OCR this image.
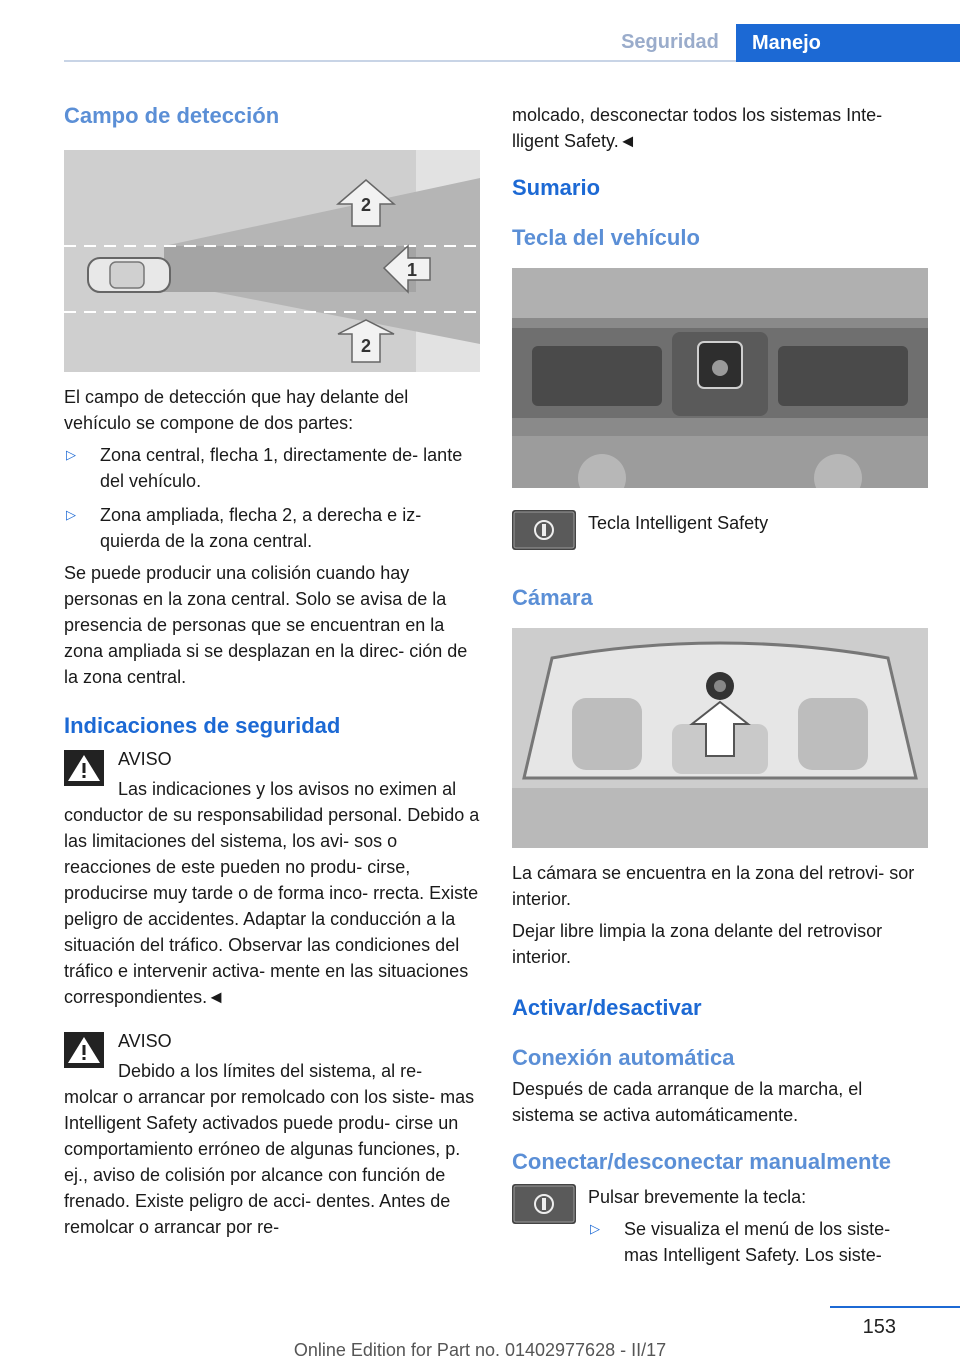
Seguridad	Manejo
Campo de detección
2
1
2

El campo de detección que hay delante del vehículo se compone de dos partes:

▷	Zona central, flecha 1, directamente de‐ lante del vehículo.
▷	Zona ampliada, flecha 2, a derecha e iz‐ quierda de la zona central.

Se puede producir una colisión cuando hay personas en la zona central. Solo se avisa de la presencia de personas que se encuentran en la zona ampliada si se desplazan en la direc‐ ción de la zona central.

Indicaciones de seguridad

AVISO

Las indicaciones y los avisos no eximen al conductor de su responsabilidad personal. Debido a las limitaciones del sistema, los avi‐ sos o reacciones de este pueden no produ‐ cirse, producirse muy tarde o de forma inco‐ rrecta. Existe peligro de accidentes. Adaptar la conducción a la situación del tráfico. Observar las condiciones del tráfico e intervenir activa‐ mente en las situaciones correspondientes.◄

AVISO

Debido a los límites del sistema, al re‐ molcar o arrancar por remolcado con los siste‐ mas Intelligent Safety activados puede produ‐ cirse un comportamiento erróneo de algunas funciones, p. ej., aviso de colisión por alcance con función de frenado. Existe peligro de acci‐ dentes. Antes de remolcar o arrancar por re‐

molcado, desconectar todos los sistemas Inte‐ lligent Safety.◄

Sumario
Tecla del vehículo

Tecla Intelligent Safety

Cámara

La cámara se encuentra en la zona del retrovi‐ sor interior.

Dejar libre limpia la zona delante del retrovisor interior.

Activar/desactivar
Conexión automática

Después de cada arranque de la marcha, el sistema se activa automáticamente.

Conectar/desconectar manualmente

Pulsar brevemente la tecla:

▷	Se visualiza el menú de los siste‐ mas Intelligent Safety. Los siste‐
153
Online Edition for Part no. 01402977628 - II/17
